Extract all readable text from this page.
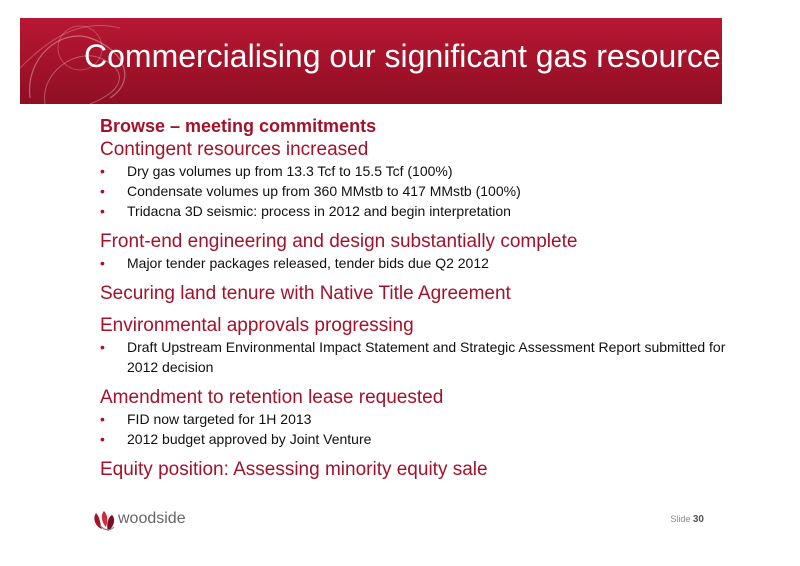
Commercialising our significant gas resources
Browse – meeting commitments
Contingent resources increased
• Dry gas volumes up from 13.3 Tcf to 15.5 Tcf (100%)
• Condensate volumes up from 360 MMstb to 417 MMstb (100%)
• Tridacna 3D seismic: process in 2012 and begin interpretation
Front-end engineering and design substantially complete
• Major tender packages released, tender bids due Q2 2012
Securing land tenure with Native Title Agreement
Environmental approvals progressing
• Draft Upstream Environmental Impact Statement and Strategic Assessment Report submitted for 2012 decision
Amendment to retention lease requested
• FID now targeted for 1H 2013
• 2012 budget approved by Joint Venture
Equity position: Assessing minority equity sale
woodside	Slide 30
